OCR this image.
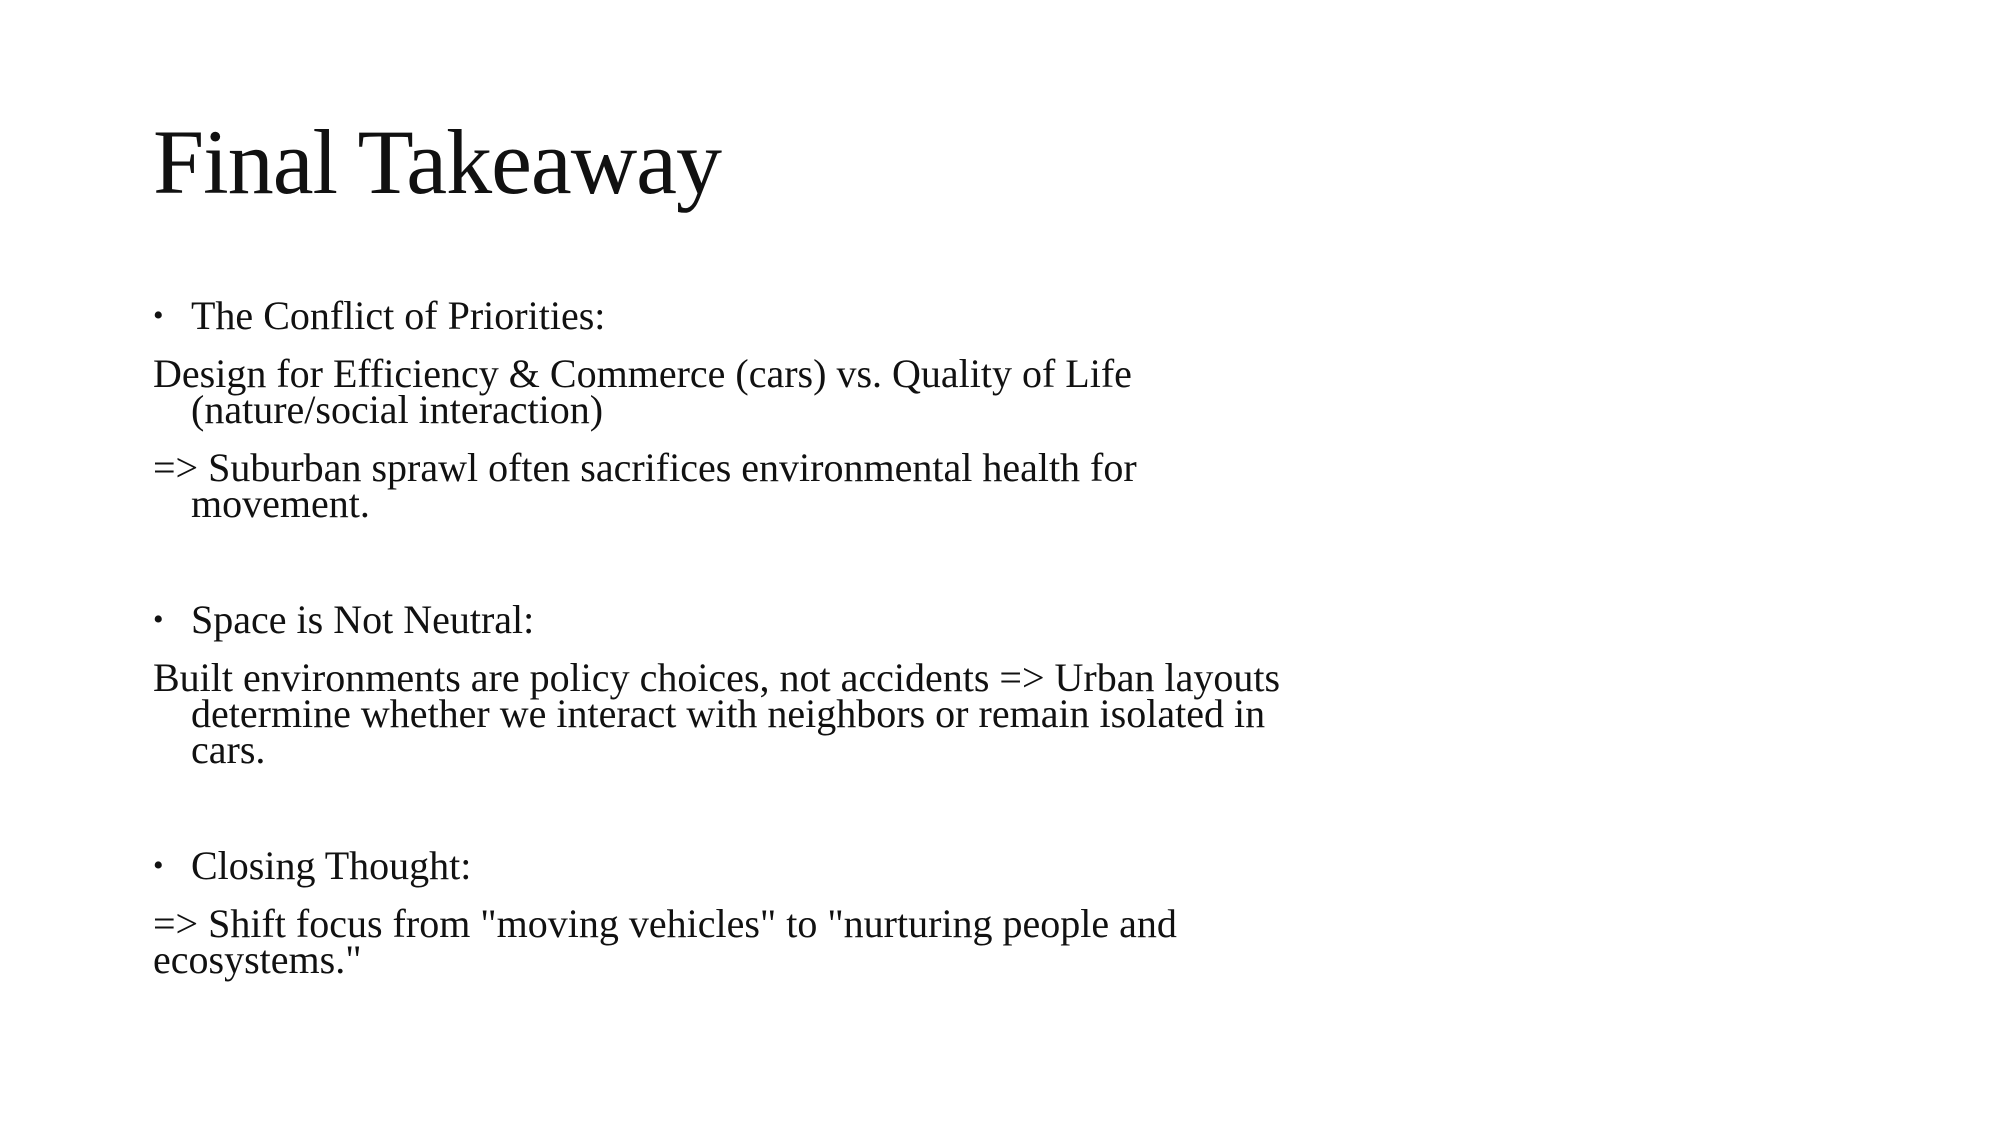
Final Takeaway
• The Conflict of Priorities:

Design for Efficiency & Commerce (cars) vs. Quality of Life (nature/social interaction)

=> Suburban sprawl often sacrifices environmental health for movement.

• Space is Not Neutral:

Built environments are policy choices, not accidents => Urban layouts determine whether we interact with neighbors or remain isolated in cars.

• Closing Thought:

=> Shift focus from "moving vehicles" to "nurturing people and ecosystems."
